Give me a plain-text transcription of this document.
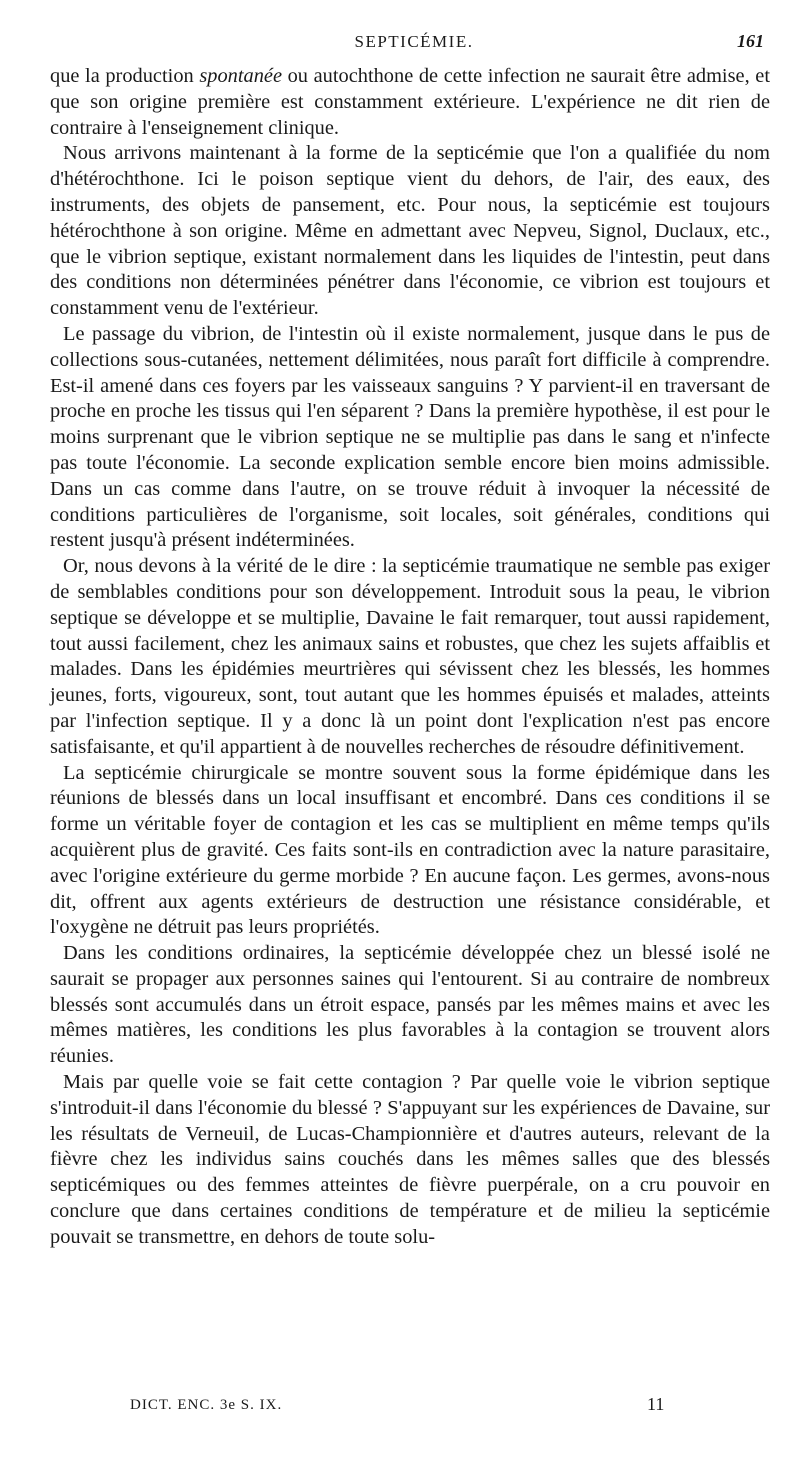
SEPTICÉMIE.	161

que la production spontanée ou autochthone de cette infection ne saurait être admise, et que son origine première est constamment extérieure. L'expérience ne dit rien de contraire à l'enseignement clinique.

Nous arrivons maintenant à la forme de la septicémie que l'on a qualifiée du nom d'hétérochthone. Ici le poison septique vient du dehors, de l'air, des eaux, des instruments, des objets de pansement, etc. Pour nous, la septicémie est toujours hétérochthone à son origine. Même en admettant avec Nepveu, Signol, Duclaux, etc., que le vibrion septique, existant normalement dans les liquides de l'intestin, peut dans des conditions non déterminées pénétrer dans l'économie, ce vibrion est toujours et constamment venu de l'extérieur.

Le passage du vibrion, de l'intestin où il existe normalement, jusque dans le pus de collections sous-cutanées, nettement délimitées, nous paraît fort difficile à comprendre. Est-il amené dans ces foyers par les vaisseaux sanguins ? Y parvient-il en traversant de proche en proche les tissus qui l'en séparent ? Dans la première hypothèse, il est pour le moins surprenant que le vibrion septique ne se multiplie pas dans le sang et n'infecte pas toute l'économie. La seconde explication semble encore bien moins admissible. Dans un cas comme dans l'autre, on se trouve réduit à invoquer la nécessité de conditions particulières de l'organisme, soit locales, soit générales, conditions qui restent jusqu'à présent indéterminées.

Or, nous devons à la vérité de le dire : la septicémie traumatique ne semble pas exiger de semblables conditions pour son développement. Introduit sous la peau, le vibrion septique se développe et se multiplie, Davaine le fait remarquer, tout aussi rapidement, tout aussi facilement, chez les animaux sains et robustes, que chez les sujets affaiblis et malades. Dans les épidémies meurtrières qui sévissent chez les blessés, les hommes jeunes, forts, vigoureux, sont, tout autant que les hommes épuisés et malades, atteints par l'infection septique. Il y a donc là un point dont l'explication n'est pas encore satisfaisante, et qu'il appartient à de nouvelles recherches de résoudre définitivement.

La septicémie chirurgicale se montre souvent sous la forme épidémique dans les réunions de blessés dans un local insuffisant et encombré. Dans ces conditions il se forme un véritable foyer de contagion et les cas se multiplient en même temps qu'ils acquièrent plus de gravité. Ces faits sont-ils en contradiction avec la nature parasitaire, avec l'origine extérieure du germe morbide ? En aucune façon. Les germes, avons-nous dit, offrent aux agents extérieurs de destruction une résistance considérable, et l'oxygène ne détruit pas leurs propriétés.

Dans les conditions ordinaires, la septicémie développée chez un blessé isolé ne saurait se propager aux personnes saines qui l'entourent. Si au contraire de nombreux blessés sont accumulés dans un étroit espace, pansés par les mêmes mains et avec les mêmes matières, les conditions les plus favorables à la contagion se trouvent alors réunies.

Mais par quelle voie se fait cette contagion ? Par quelle voie le vibrion septique s'introduit-il dans l'économie du blessé ? S'appuyant sur les expériences de Davaine, sur les résultats de Verneuil, de Lucas-Championnière et d'autres auteurs, relevant de la fièvre chez les individus sains couchés dans les mêmes salles que des blessés septicémiques ou des femmes atteintes de fièvre puerpérale, on a cru pouvoir en conclure que dans certaines conditions de température et de milieu la septicémie pouvait se transmettre, en dehors de toute solu-

DICT. ENC. 3e S. IX.	11
